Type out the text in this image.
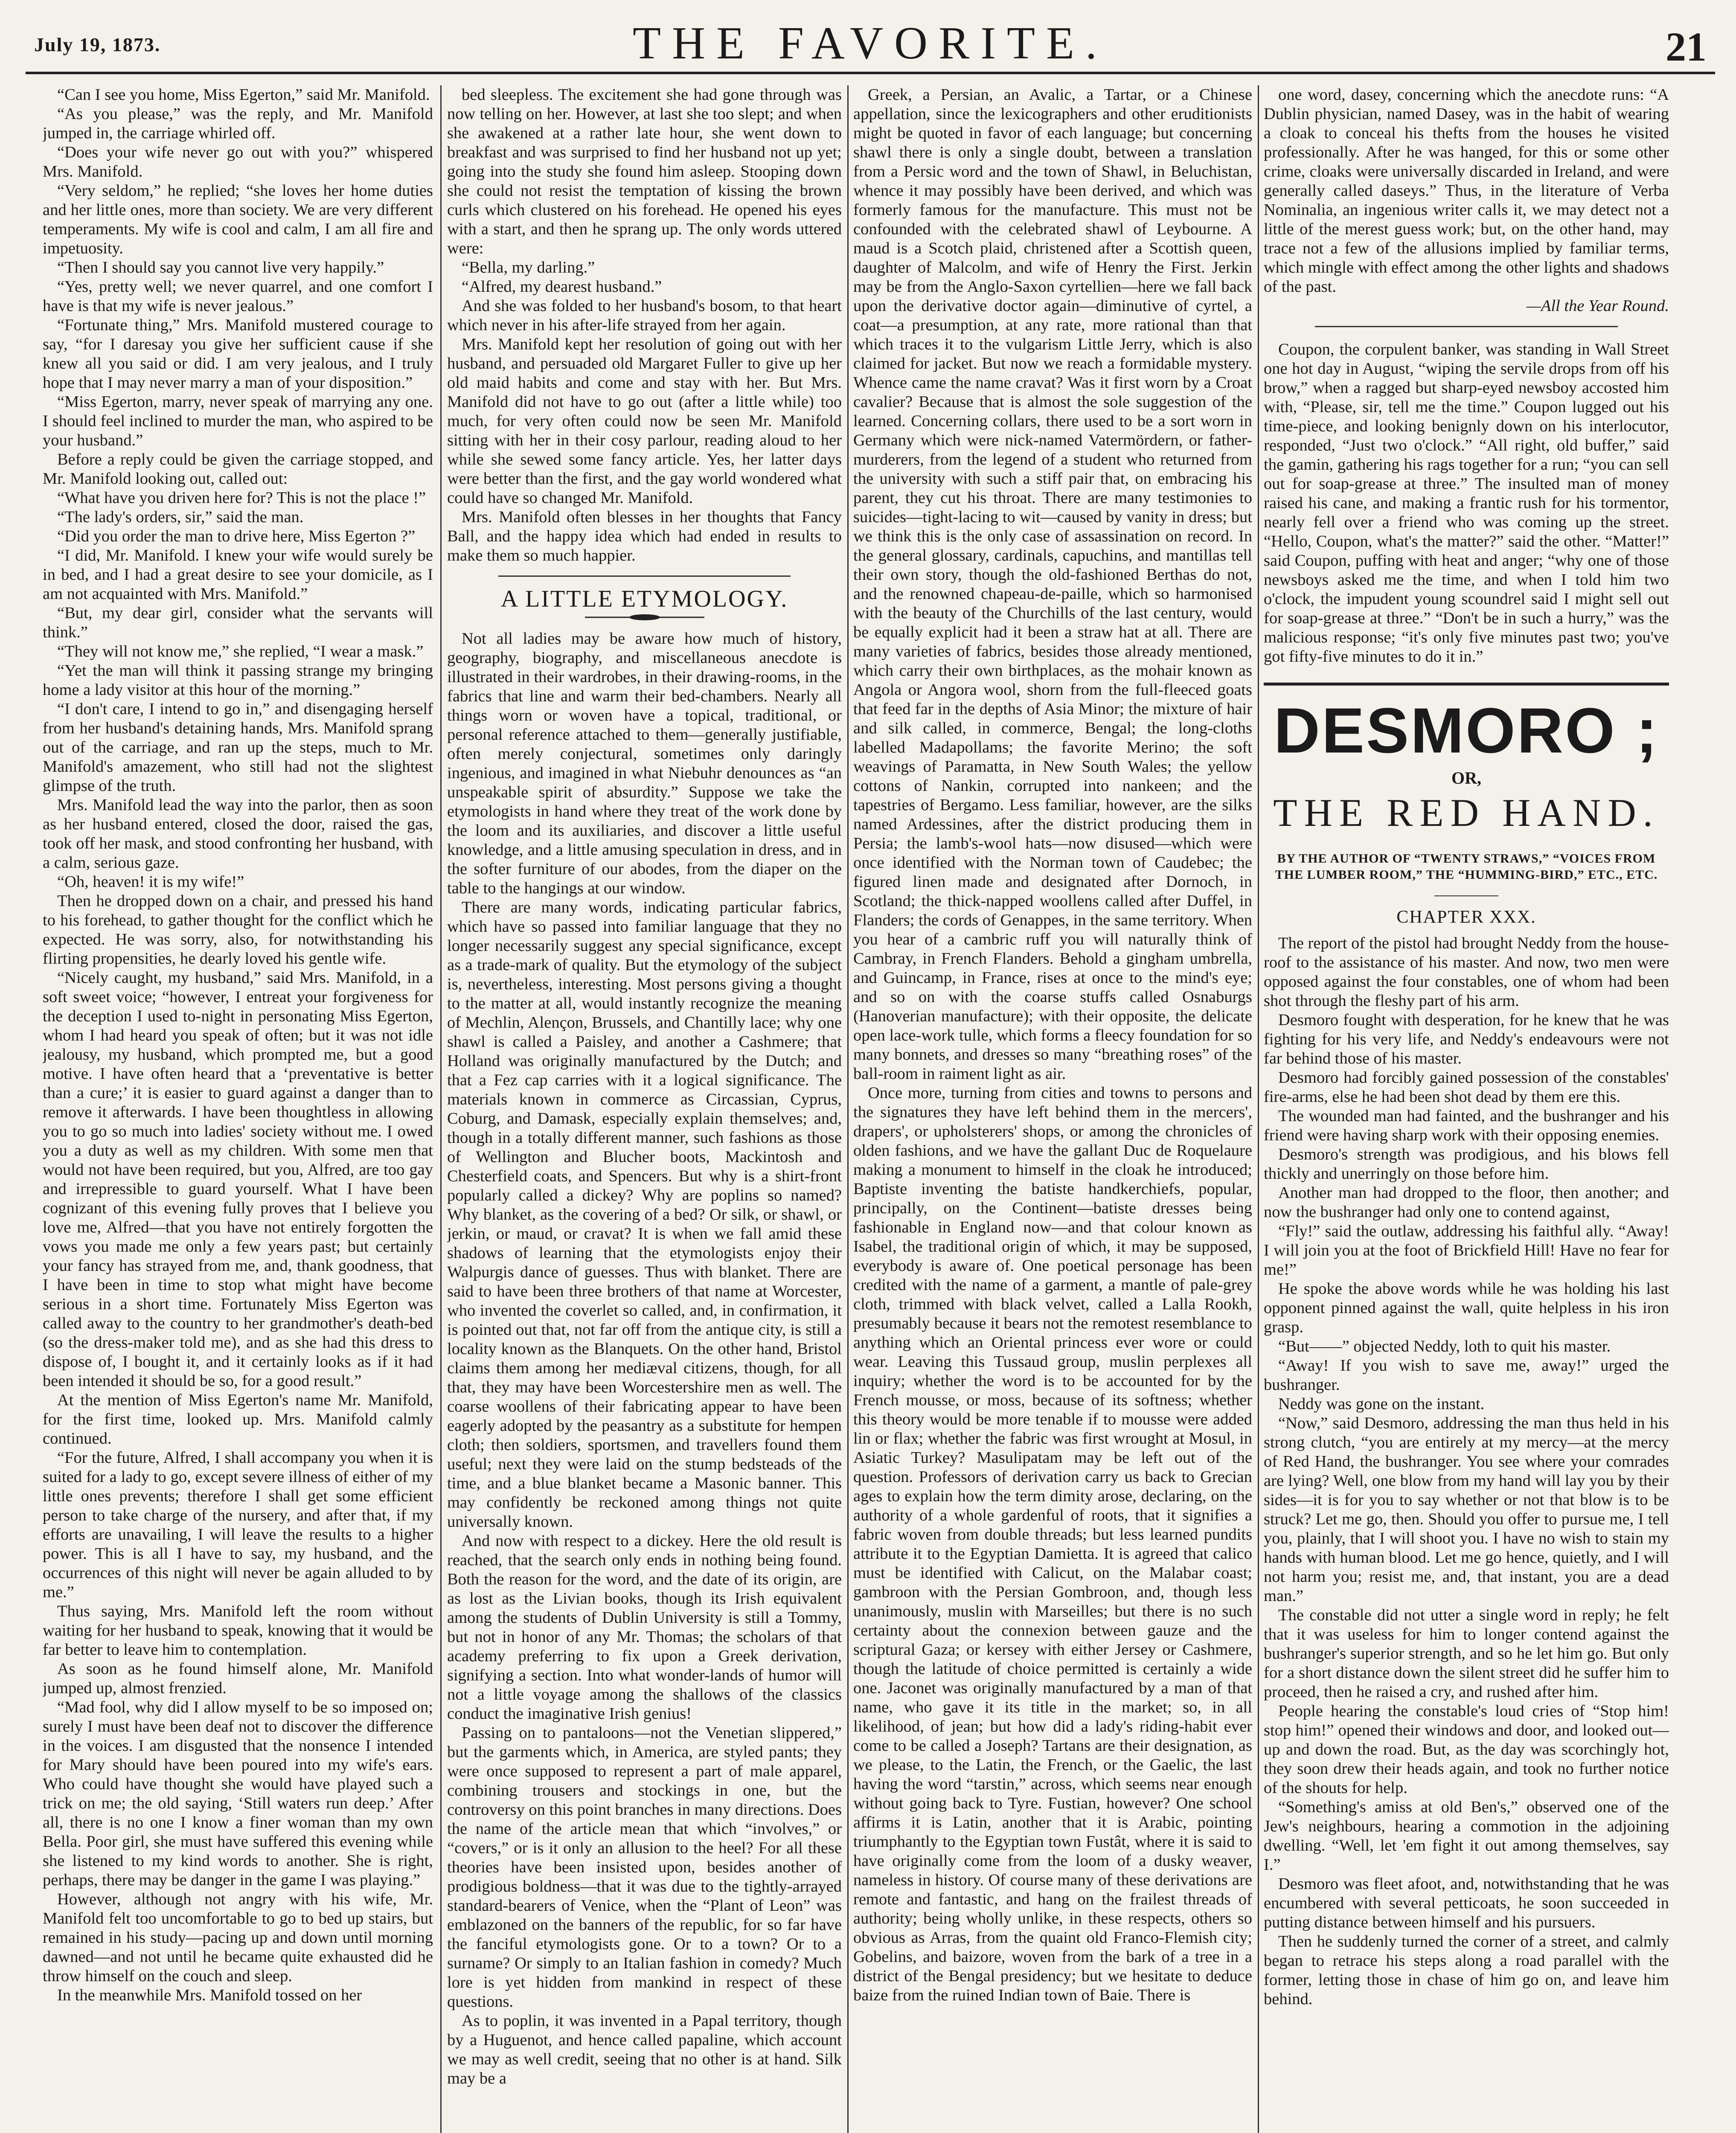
July 19, 1873.	THE FAVORITE.	21

“Can I see you home, Miss Egerton,” said Mr. Manifold.

“As you please,” was the reply, and Mr. Manifold jumped in, the carriage whirled off.

“Does your wife never go out with you?” whispered Mrs. Manifold.

“Very seldom,” he replied; “she loves her home duties and her little ones, more than society. We are very different temperaments. My wife is cool and calm, I am all fire and impetuosity.

“Then I should say you cannot live very happily.”

“Yes, pretty well; we never quarrel, and one comfort I have is that my wife is never jealous.”

“Fortunate thing,” Mrs. Manifold mustered courage to say, “for I daresay you give her sufficient cause if she knew all you said or did. I am very jealous, and I truly hope that I may never marry a man of your disposition.”

“Miss Egerton, marry, never speak of marrying any one. I should feel inclined to murder the man, who aspired to be your husband.”

Before a reply could be given the carriage stopped, and Mr. Manifold looking out, called out:

“What have you driven here for? This is not the place !”

“The lady's orders, sir,” said the man.

“Did you order the man to drive here, Miss Egerton ?”

“I did, Mr. Manifold. I knew your wife would surely be in bed, and I had a great desire to see your domicile, as I am not acquainted with Mrs. Manifold.”

“But, my dear girl, consider what the servants will think.”

“They will not know me,” she replied, “I wear a mask.”

“Yet the man will think it passing strange my bringing home a lady visitor at this hour of the morning.”

“I don't care, I intend to go in,” and disengaging herself from her husband's detaining hands, Mrs. Manifold sprang out of the carriage, and ran up the steps, much to Mr. Manifold's amazement, who still had not the slightest glimpse of the truth.

Mrs. Manifold lead the way into the parlor, then as soon as her husband entered, closed the door, raised the gas, took off her mask, and stood confronting her husband, with a calm, serious gaze.

“Oh, heaven! it is my wife!”

Then he dropped down on a chair, and pressed his hand to his forehead, to gather thought for the conflict which he expected. He was sorry, also, for notwithstanding his flirting propensities, he dearly loved his gentle wife.

“Nicely caught, my husband,” said Mrs. Manifold, in a soft sweet voice; “however, I entreat your forgiveness for the deception I used to-night in personating Miss Egerton, whom I had heard you speak of often; but it was not idle jealousy, my husband, which prompted me, but a good motive. I have often heard that a ‘preventative is better than a cure;’ it is easier to guard against a danger than to remove it afterwards. I have been thoughtless in allowing you to go so much into ladies' society without me. I owed you a duty as well as my children. With some men that would not have been required, but you, Alfred, are too gay and irrepressible to guard yourself. What I have been cognizant of this evening fully proves that I believe you love me, Alfred—that you have not entirely forgotten the vows you made me only a few years past; but certainly your fancy has strayed from me, and, thank goodness, that I have been in time to stop what might have become serious in a short time. Fortunately Miss Egerton was called away to the country to her grandmother's death-bed (so the dress-maker told me), and as she had this dress to dispose of, I bought it, and it certainly looks as if it had been intended it should be so, for a good result.”

At the mention of Miss Egerton's name Mr. Manifold, for the first time, looked up. Mrs. Manifold calmly continued.

“For the future, Alfred, I shall accompany you when it is suited for a lady to go, except severe illness of either of my little ones prevents; therefore I shall get some efficient person to take charge of the nursery, and after that, if my efforts are unavailing, I will leave the results to a higher power. This is all I have to say, my husband, and the occurrences of this night will never be again alluded to by me.”

Thus saying, Mrs. Manifold left the room without waiting for her husband to speak, knowing that it would be far better to leave him to contemplation.

As soon as he found himself alone, Mr. Manifold jumped up, almost frenzied.

“Mad fool, why did I allow myself to be so imposed on; surely I must have been deaf not to discover the difference in the voices. I am disgusted that the nonsence I intended for Mary should have been poured into my wife's ears. Who could have thought she would have played such a trick on me; the old saying, ‘Still waters run deep.’ After all, there is no one I know a finer woman than my own Bella. Poor girl, she must have suffered this evening while she listened to my kind words to another. She is right, perhaps, there may be danger in the game I was playing.”

However, although not angry with his wife, Mr. Manifold felt too uncomfortable to go to bed up stairs, but remained in his study—pacing up and down until morning dawned—and not until he became quite exhausted did he throw himself on the couch and sleep.

In the meanwhile Mrs. Manifold tossed on her

bed sleepless. The excitement she had gone through was now telling on her. However, at last she too slept; and when she awakened at a rather late hour, she went down to breakfast and was surprised to find her husband not up yet; going into the study she found him asleep. Stooping down she could not resist the temptation of kissing the brown curls which clustered on his forehead. He opened his eyes with a start, and then he sprang up. The only words uttered were:

“Bella, my darling.”

“Alfred, my dearest husband.”

And she was folded to her husband's bosom, to that heart which never in his after-life strayed from her again.

Mrs. Manifold kept her resolution of going out with her husband, and persuaded old Margaret Fuller to give up her old maid habits and come and stay with her. But Mrs. Manifold did not have to go out (after a little while) too much, for very often could now be seen Mr. Manifold sitting with her in their cosy parlour, reading aloud to her while she sewed some fancy article. Yes, her latter days were better than the first, and the gay world wondered what could have so changed Mr. Manifold.

Mrs. Manifold often blesses in her thoughts that Fancy Ball, and the happy idea which had ended in results to make them so much happier.

A LITTLE ETYMOLOGY.

Not all ladies may be aware how much of history, geography, biography, and miscellaneous anecdote is illustrated in their wardrobes, in their drawing-rooms, in the fabrics that line and warm their bed-chambers. Nearly all things worn or woven have a topical, traditional, or personal reference attached to them—generally justifiable, often merely conjectural, sometimes only daringly ingenious, and imagined in what Niebuhr denounces as “an unspeakable spirit of absurdity.” Suppose we take the etymologists in hand where they treat of the work done by the loom and its auxiliaries, and discover a little useful knowledge, and a little amusing speculation in dress, and in the softer furniture of our abodes, from the diaper on the table to the hangings at our window.

There are many words, indicating particular fabrics, which have so passed into familiar language that they no longer necessarily suggest any special significance, except as a trade-mark of quality. But the etymology of the subject is, nevertheless, interesting. Most persons giving a thought to the matter at all, would instantly recognize the meaning of Mechlin, Alençon, Brussels, and Chantilly lace; why one shawl is called a Paisley, and another a Cashmere; that Holland was originally manufactured by the Dutch; and that a Fez cap carries with it a logical significance. The materials known in commerce as Circassian, Cyprus, Coburg, and Damask, especially explain themselves; and, though in a totally different manner, such fashions as those of Wellington and Blucher boots, Mackintosh and Chesterfield coats, and Spencers. But why is a shirt-front popularly called a dickey? Why are poplins so named? Why blanket, as the covering of a bed? Or silk, or shawl, or jerkin, or maud, or cravat? It is when we fall amid these shadows of learning that the etymologists enjoy their Walpurgis dance of guesses. Thus with blanket. There are said to have been three brothers of that name at Worcester, who invented the coverlet so called, and, in confirmation, it is pointed out that, not far off from the antique city, is still a locality known as the Blanquets. On the other hand, Bristol claims them among her mediæval citizens, though, for all that, they may have been Worcestershire men as well. The coarse woollens of their fabricating appear to have been eagerly adopted by the peasantry as a substitute for hempen cloth; then soldiers, sportsmen, and travellers found them useful; next they were laid on the stump bedsteads of the time, and a blue blanket became a Masonic banner. This may confidently be reckoned among things not quite universally known.

And now with respect to a dickey. Here the old result is reached, that the search only ends in nothing being found. Both the reason for the word, and the date of its origin, are as lost as the Livian books, though its Irish equivalent among the students of Dublin University is still a Tommy, but not in honor of any Mr. Thomas; the scholars of that academy preferring to fix upon a Greek derivation, signifying a section. Into what wonder-lands of humor will not a little voyage among the shallows of the classics conduct the imaginative Irish genius!

Passing on to pantaloons—not the Venetian slippered,” but the garments which, in America, are styled pants; they were once supposed to represent a part of male apparel, combining trousers and stockings in one, but the controversy on this point branches in many directions. Does the name of the article mean that which “involves,” or “covers,” or is it only an allusion to the heel? For all these theories have been insisted upon, besides another of prodigious boldness—that it was due to the tightly-arrayed standard-bearers of Venice, when the “Plant of Leon” was emblazoned on the banners of the republic, for so far have the fanciful etymologists gone. Or to a town? Or to a surname? Or simply to an Italian fashion in comedy? Much lore is yet hidden from mankind in respect of these questions.

As to poplin, it was invented in a Papal territory, though by a Huguenot, and hence called papaline, which account we may as well credit, seeing that no other is at hand. Silk may be a

Greek, a Persian, an Avalic, a Tartar, or a Chinese appellation, since the lexicographers and other eruditionists might be quoted in favor of each language; but concerning shawl there is only a single doubt, between a translation from a Persic word and the town of Shawl, in Beluchistan, whence it may possibly have been derived, and which was formerly famous for the manufacture. This must not be confounded with the celebrated shawl of Leybourne. A maud is a Scotch plaid, christened after a Scottish queen, daughter of Malcolm, and wife of Henry the First. Jerkin may be from the Anglo-Saxon cyrtellien—here we fall back upon the derivative doctor again—diminutive of cyrtel, a coat—a presumption, at any rate, more rational than that which traces it to the vulgarism Little Jerry, which is also claimed for jacket. But now we reach a formidable mystery. Whence came the name cravat? Was it first worn by a Croat cavalier? Because that is almost the sole suggestion of the learned. Concerning collars, there used to be a sort worn in Germany which were nick-named Vatermördern, or father-murderers, from the legend of a student who returned from the university with such a stiff pair that, on embracing his parent, they cut his throat. There are many testimonies to suicides—tight-lacing to wit—caused by vanity in dress; but we think this is the only case of assassination on record. In the general glossary, cardinals, capuchins, and mantillas tell their own story, though the old-fashioned Berthas do not, and the renowned chapeau-de-paille, which so harmonised with the beauty of the Churchills of the last century, would be equally explicit had it been a straw hat at all. There are many varieties of fabrics, besides those already mentioned, which carry their own birthplaces, as the mohair known as Angola or Angora wool, shorn from the full-fleeced goats that feed far in the depths of Asia Minor; the mixture of hair and silk called, in commerce, Bengal; the long-cloths labelled Madapollams; the favorite Merino; the soft weavings of Paramatta, in New South Wales; the yellow cottons of Nankin, corrupted into nankeen; and the tapestries of Bergamo. Less familiar, however, are the silks named Ardessines, after the district producing them in Persia; the lamb's-wool hats—now disused—which were once identified with the Norman town of Caudebec; the figured linen made and designated after Dornoch, in Scotland; the thick-napped woollens called after Duffel, in Flanders; the cords of Genappes, in the same territory. When you hear of a cambric ruff you will naturally think of Cambray, in French Flanders. Behold a gingham umbrella, and Guincamp, in France, rises at once to the mind's eye; and so on with the coarse stuffs called Osnaburgs (Hanoverian manufacture); with their opposite, the delicate open lace-work tulle, which forms a fleecy foundation for so many bonnets, and dresses so many “breathing roses” of the ball-room in raiment light as air.

Once more, turning from cities and towns to persons and the signatures they have left behind them in the mercers', drapers', or upholsterers' shops, or among the chronicles of olden fashions, and we have the gallant Duc de Roquelaure making a monument to himself in the cloak he introduced; Baptiste inventing the batiste handkerchiefs, popular, principally, on the Continent—batiste dresses being fashionable in England now—and that colour known as Isabel, the traditional origin of which, it may be supposed, everybody is aware of. One poetical personage has been credited with the name of a garment, a mantle of pale-grey cloth, trimmed with black velvet, called a Lalla Rookh, presumably because it bears not the remotest resemblance to anything which an Oriental princess ever wore or could wear. Leaving this Tussaud group, muslin perplexes all inquiry; whether the word is to be accounted for by the French mousse, or moss, because of its softness; whether this theory would be more tenable if to mousse were added lin or flax; whether the fabric was first wrought at Mosul, in Asiatic Turkey? Masulipatam may be left out of the question. Professors of derivation carry us back to Grecian ages to explain how the term dimity arose, declaring, on the authority of a whole gardenful of roots, that it signifies a fabric woven from double threads; but less learned pundits attribute it to the Egyptian Damietta. It is agreed that calico must be identified with Calicut, on the Malabar coast; gambroon with the Persian Gombroon, and, though less unanimously, muslin with Marseilles; but there is no such certainty about the connexion between gauze and the scriptural Gaza; or kersey with either Jersey or Cashmere, though the latitude of choice permitted is certainly a wide one. Jaconet was originally manufactured by a man of that name, who gave it its title in the market; so, in all likelihood, of jean; but how did a lady's riding-habit ever come to be called a Joseph? Tartans are their designation, as we please, to the Latin, the French, or the Gaelic, the last having the word “tarstin,” across, which seems near enough without going back to Tyre. Fustian, however? One school affirms it is Latin, another that it is Arabic, pointing triumphantly to the Egyptian town Fustât, where it is said to have originally come from the loom of a dusky weaver, nameless in history. Of course many of these derivations are remote and fantastic, and hang on the frailest threads of authority; being wholly unlike, in these respects, others so obvious as Arras, from the quaint old Franco-Flemish city; Gobelins, and baizore, woven from the bark of a tree in a district of the Bengal presidency; but we hesitate to deduce baize from the ruined Indian town of Baie. There is

one word, dasey, concerning which the anecdote runs: “A Dublin physician, named Dasey, was in the habit of wearing a cloak to conceal his thefts from the houses he visited professionally. After he was hanged, for this or some other crime, cloaks were universally discarded in Ireland, and were generally called daseys.” Thus, in the literature of Verba Nominalia, an ingenious writer calls it, we may detect not a little of the merest guess work; but, on the other hand, may trace not a few of the allusions implied by familiar terms, which mingle with effect among the other lights and shadows of the past.

—All the Year Round.

Coupon, the corpulent banker, was standing in Wall Street one hot day in August, “wiping the servile drops from off his brow,” when a ragged but sharp-eyed newsboy accosted him with, “Please, sir, tell me the time.” Coupon lugged out his time-piece, and looking benignly down on his interlocutor, responded, “Just two o'clock.” “All right, old buffer,” said the gamin, gathering his rags together for a run; “you can sell out for soap-grease at three.” The insulted man of money raised his cane, and making a frantic rush for his tormentor, nearly fell over a friend who was coming up the street. “Hello, Coupon, what's the matter?” said the other. “Matter!” said Coupon, puffing with heat and anger; “why one of those newsboys asked me the time, and when I told him two o'clock, the impudent young scoundrel said I might sell out for soap-grease at three.” “Don't be in such a hurry,” was the malicious response; “it's only five minutes past two; you've got fifty-five minutes to do it in.”

DESMORO ;
OR,
THE RED HAND.
BY THE AUTHOR OF “TWENTY STRAWS,” “VOICES FROM THE LUMBER ROOM,” THE “HUMMING-BIRD,” ETC., ETC.
CHAPTER XXX.

The report of the pistol had brought Neddy from the house-roof to the assistance of his master. And now, two men were opposed against the four constables, one of whom had been shot through the fleshy part of his arm.

Desmoro fought with desperation, for he knew that he was fighting for his very life, and Neddy's endeavours were not far behind those of his master.

Desmoro had forcibly gained possession of the constables' fire-arms, else he had been shot dead by them ere this.

The wounded man had fainted, and the bushranger and his friend were having sharp work with their opposing enemies.

Desmoro's strength was prodigious, and his blows fell thickly and unerringly on those before him.

Another man had dropped to the floor, then another; and now the bushranger had only one to contend against,

“Fly!” said the outlaw, addressing his faithful ally. “Away! I will join you at the foot of Brickfield Hill! Have no fear for me!”

He spoke the above words while he was holding his last opponent pinned against the wall, quite helpless in his iron grasp.

“But——” objected Neddy, loth to quit his master.

“Away! If you wish to save me, away!” urged the bushranger.

Neddy was gone on the instant.

“Now,” said Desmoro, addressing the man thus held in his strong clutch, “you are entirely at my mercy—at the mercy of Red Hand, the bushranger. You see where your comrades are lying? Well, one blow from my hand will lay you by their sides—it is for you to say whether or not that blow is to be struck? Let me go, then. Should you offer to pursue me, I tell you, plainly, that I will shoot you. I have no wish to stain my hands with human blood. Let me go hence, quietly, and I will not harm you; resist me, and, that instant, you are a dead man.”

The constable did not utter a single word in reply; he felt that it was useless for him to longer contend against the bushranger's superior strength, and so he let him go. But only for a short distance down the silent street did he suffer him to proceed, then he raised a cry, and rushed after him.

People hearing the constable's loud cries of “Stop him! stop him!” opened their windows and door, and looked out—up and down the road. But, as the day was scorchingly hot, they soon drew their heads again, and took no further notice of the shouts for help.

“Something's amiss at old Ben's,” observed one of the Jew's neighbours, hearing a commotion in the adjoining dwelling. “Well, let 'em fight it out among themselves, say I.”

Desmoro was fleet afoot, and, notwithstanding that he was encumbered with several petticoats, he soon succeeded in putting distance between himself and his pursuers.

Then he suddenly turned the corner of a street, and calmly began to retrace his steps along a road parallel with the former, letting those in chase of him go on, and leave him behind.
